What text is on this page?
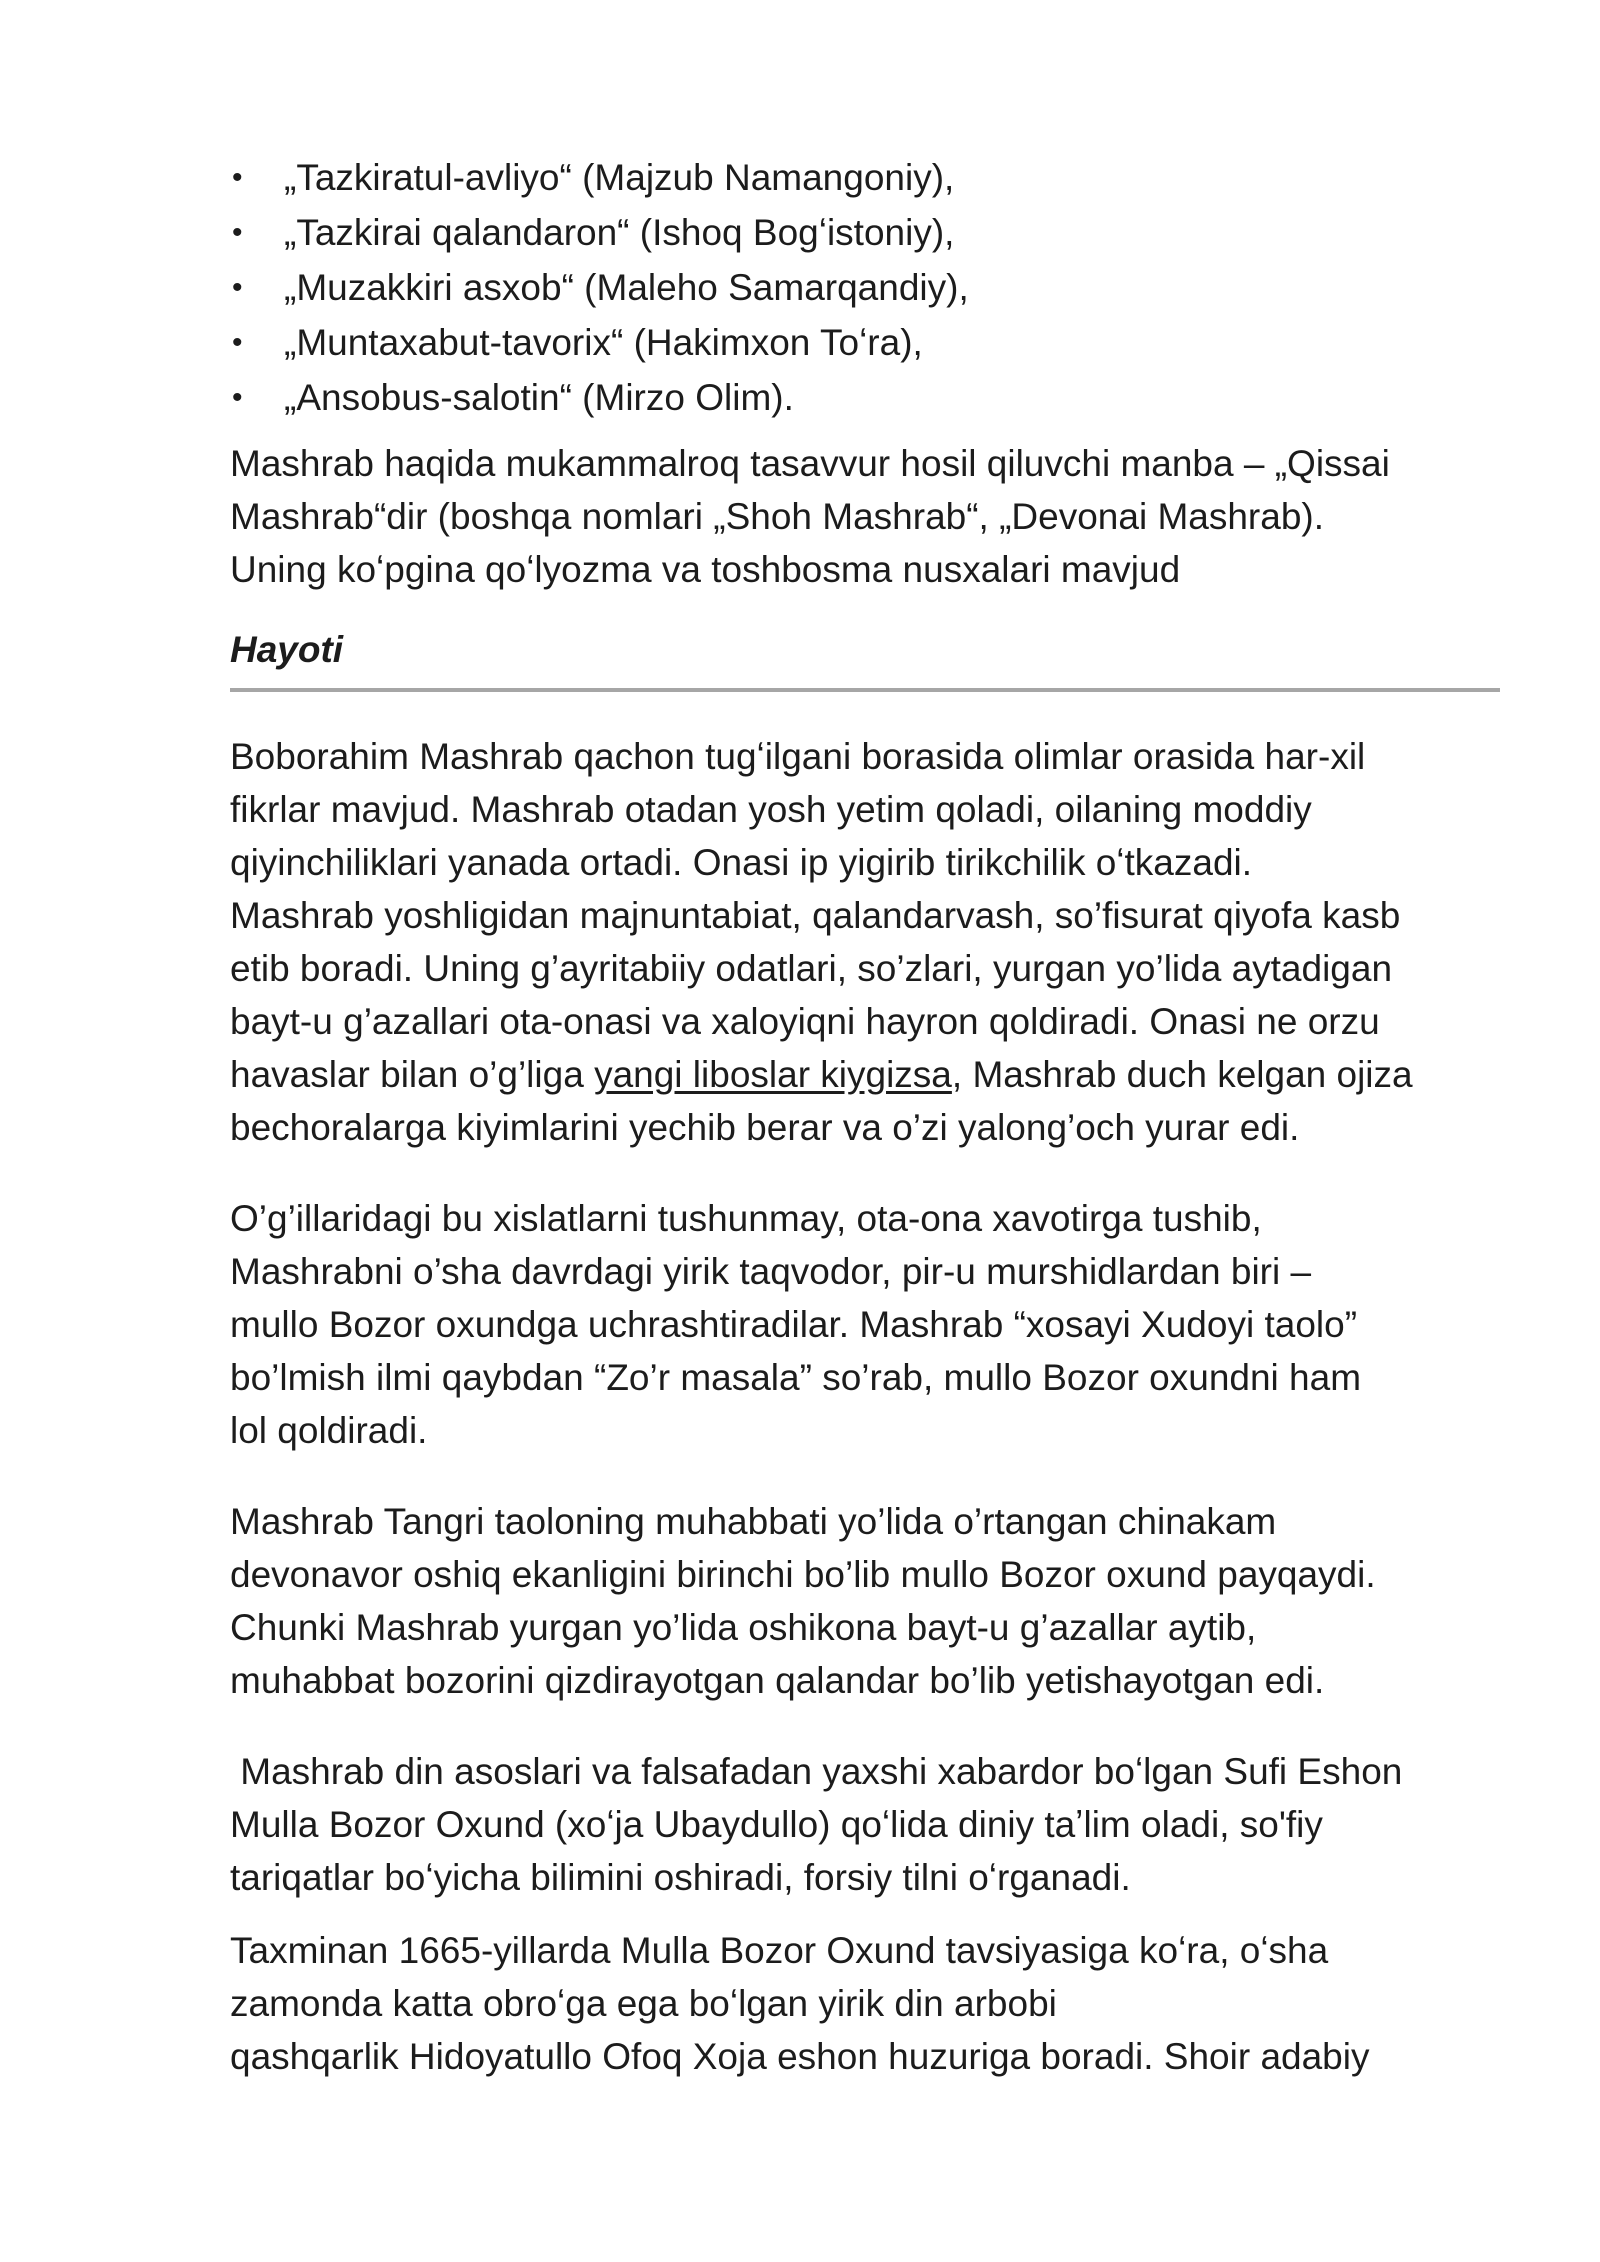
• „Tazkiratul-avliyo“ (Majzub Namangoniy),
• „Tazkirai qalandaron“ (Ishoq Bogʻistoniy),
• „Muzakkiri asxob“ (Maleho Samarqandiy),
• „Muntaxabut-tavorix“ (Hakimxon Toʻra),
• „Ansobus-salotin“ (Mirzo Olim).

Mashrab haqida mukammalroq tasavvur hosil qiluvchi manba – „Qissai
Mashrab“dir (boshqa nomlari „Shoh Mashrab“, „Devonai Mashrab).
Uning koʻpgina qoʻlyozma va toshbosma nusxalari mavjud

Hayoti

Boborahim Mashrab qachon tugʻilgani borasida olimlar orasida har-xil
fikrlar mavjud. Mashrab otadan yosh yetim qoladi, oilaning moddiy
qiyinchiliklari yanada ortadi. Onasi ip yigirib tirikchilik oʻtkazadi.
Mashrab yoshligidan majnuntabiat, qalandarvash, so’fisurat qiyofa kasb
etib boradi. Uning g’ayritabiiy odatlari, so’zlari, yurgan yo’lida aytadigan
bayt-u g’azallari ota-onasi va xaloyiqni hayron qoldiradi. Onasi ne orzu
havaslar bilan o’g’liga yangi liboslar kiygizsa, Mashrab duch kelgan ojiza
bechoralarga kiyimlarini yechib berar va o’zi yalong’och yurar edi.

O’g’illaridagi bu xislatlarni tushunmay, ota-ona xavotirga tushib,
Mashrabni o’sha davrdagi yirik taqvodor, pir-u murshidlardan biri –
mullo Bozor oxundga uchrashtiradilar. Mashrab “xosayi Xudoyi taolo”
bo’lmish ilmi qaybdan “Zo’r masala” so’rab, mullo Bozor oxundni ham
lol qoldiradi.

Mashrab Tangri taoloning muhabbati yo’lida o’rtangan chinakam
devonavor oshiq ekanligini birinchi bo’lib mullo Bozor oxund payqaydi.
Chunki Mashrab yurgan yo’lida oshikona bayt-u g’azallar aytib,
muhabbat bozorini qizdirayotgan qalandar bo’lib yetishayotgan edi.

Mashrab din asoslari va falsafadan yaxshi xabardor boʻlgan Sufi Eshon
Mulla Bozor Oxund (xoʻja Ubaydullo) qoʻlida diniy taʼlim oladi, so'fiy
tariqatlar boʻyicha bilimini oshiradi, forsiy tilni oʻrganadi.

Taxminan 1665-yillarda Mulla Bozor Oxund tavsiyasiga koʻra, oʻsha
zamonda katta obroʻga ega boʻlgan yirik din arbobi
qashqarlik Hidoyatullo Ofoq Xoja eshon huzuriga boradi. Shoir adabiy
